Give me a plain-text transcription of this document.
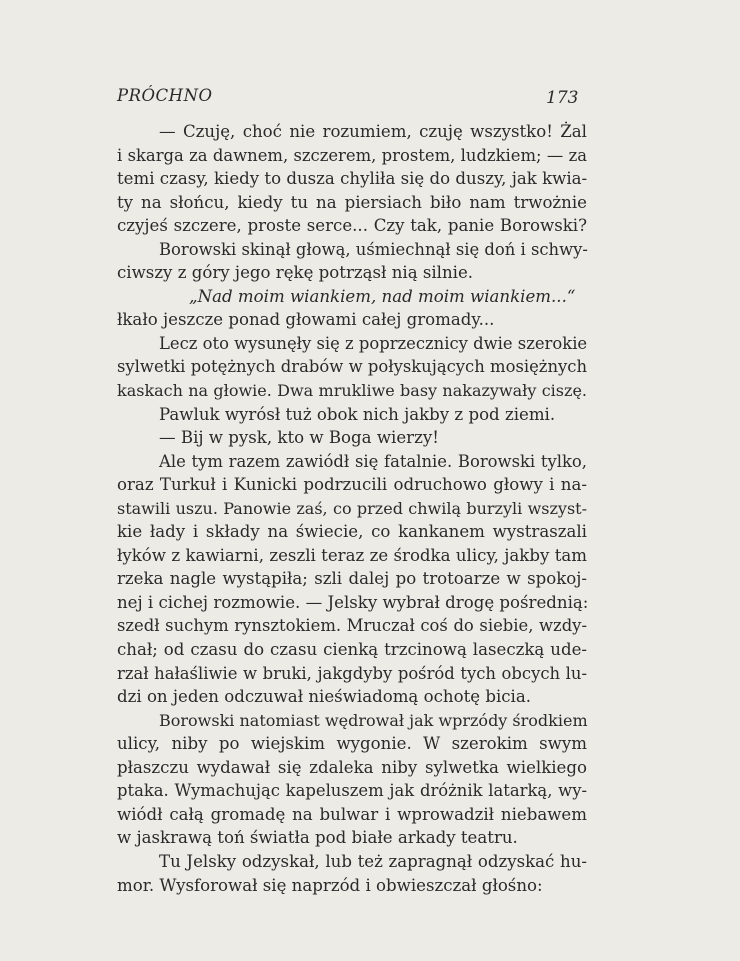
PRÓCHNO	173
— Czuję, choć nie rozumiem, czuję wszystko! Żal
i skarga za dawnem, szczerem, prostem, ludzkiem; — za
temi czasy, kiedy to dusza chyliła się do duszy, jak kwia-
ty na słońcu, kiedy tu na piersiach biło nam trwożnie
czyjeś szczere, proste serce... Czy tak, panie Borowski?
Borowski skinął głową, uśmiechnął się doń i schwy-
ciwszy z góry jego rękę potrząsł nią silnie.
„Nad moim wiankiem, nad moim wiankiem...“
łkało jeszcze ponad głowami całej gromady...
Lecz oto wysunęły się z poprzecznicy dwie szerokie
sylwetki potężnych drabów w połyskujących mosiężnych
kaskach na głowie. Dwa mrukliwe basy nakazywały ciszę.
Pawluk wyrósł tuż obok nich jakby z pod ziemi.
— Bij w pysk, kto w Boga wierzy!
Ale tym razem zawiódł się fatalnie. Borowski tylko,
oraz Turkuł i Kunicki podrzucili odruchowo głowy i na-
stawili uszu. Panowie zaś, co przed chwilą burzyli wszyst-
kie łady i składy na świecie, co kankanem wystraszali
łyków z kawiarni, zeszli teraz ze środka ulicy, jakby tam
rzeka nagle wystąpiła; szli dalej po trotoarze w spokoj-
nej i cichej rozmowie. — Jelsky wybrał drogę pośrednią:
szedł suchym rynsztokiem. Mruczał coś do siebie, wzdy-
chał; od czasu do czasu cienką trzcinową laseczką ude-
rzał hałaśliwie w bruki, jakgdyby pośród tych obcych lu-
dzi on jeden odczuwał nieświadomą ochotę bicia.
Borowski natomiast wędrował jak wprzódy środkiem
ulicy, niby po wiejskim wygonie. W szerokim swym
płaszczu wydawał się zdaleka niby sylwetka wielkiego
ptaka. Wymachując kapeluszem jak dróżnik latarką, wy-
wiódł całą gromadę na bulwar i wprowadził niebawem
w jaskrawą toń światła pod białe arkady teatru.
Tu Jelsky odzyskał, lub też zapragnął odzyskać hu-
mor. Wysforował się naprzód i obwieszczał głośno:
